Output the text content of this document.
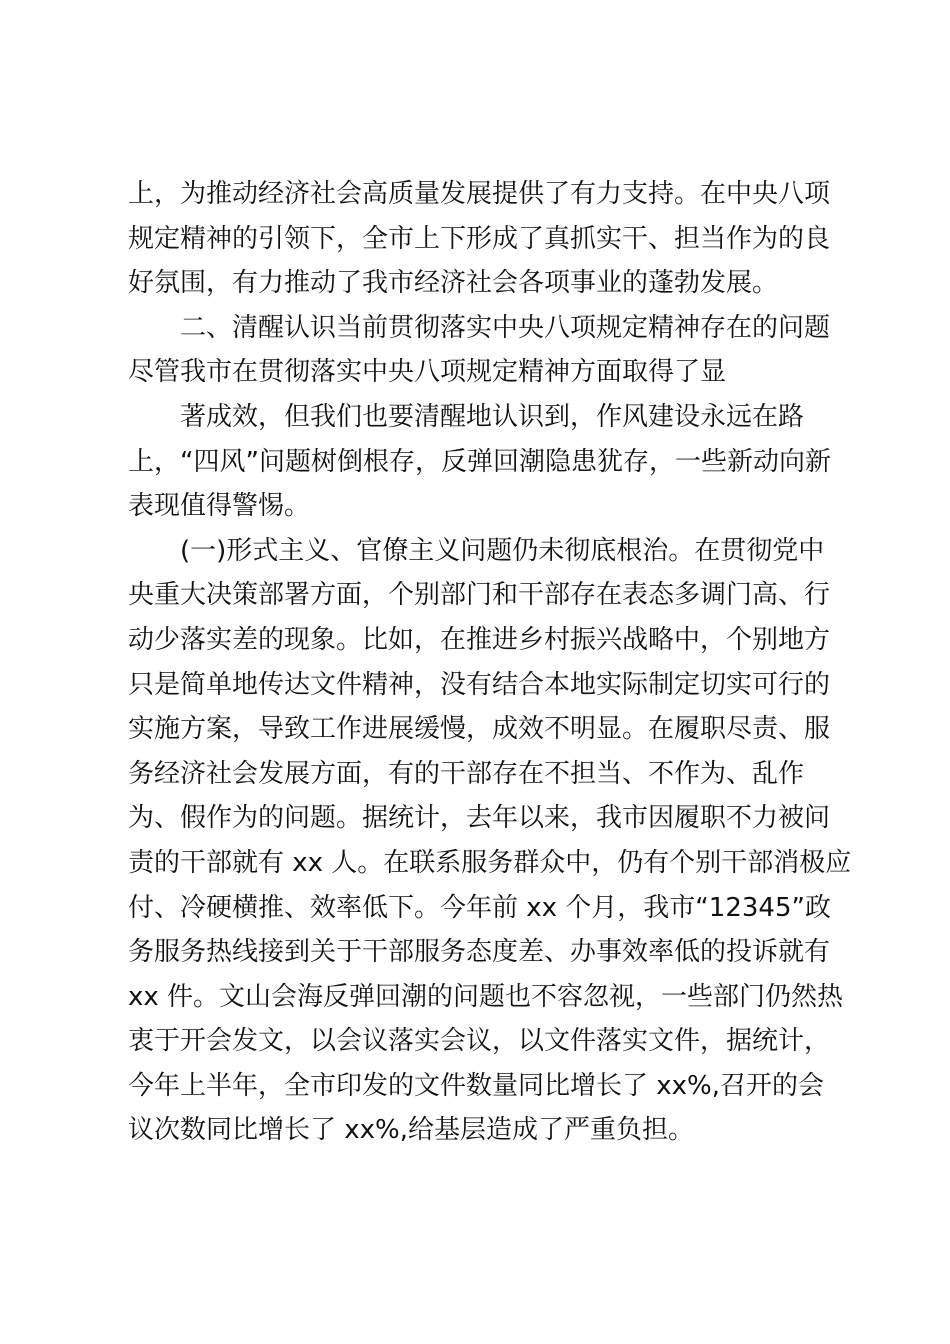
上，为推动经济社会高质量发展提供了有力支持。在中央八项
规定精神的引领下，全市上下形成了真抓实干、担当作为的良
好氛围，有力推动了我市经济社会各项事业的蓬勃发展。
　　二、清醒认识当前贯彻落实中央八项规定精神存在的问题
尽管我市在贯彻落实中央八项规定精神方面取得了显
　　著成效，但我们也要清醒地认识到，作风建设永远在路
上，“四风”问题树倒根存，反弹回潮隐患犹存，一些新动向新
表现值得警惕。
　　(一)形式主义、官僚主义问题仍未彻底根治。在贯彻党中
央重大决策部署方面，个别部门和干部存在表态多调门高、行
动少落实差的现象。比如，在推进乡村振兴战略中，个别地方
只是简单地传达文件精神，没有结合本地实际制定切实可行的
实施方案，导致工作进展缓慢，成效不明显。在履职尽责、服
务经济社会发展方面，有的干部存在不担当、不作为、乱作
为、假作为的问题。据统计，去年以来，我市因履职不力被问
责的干部就有 xx 人。在联系服务群众中，仍有个别干部消极应
付、冷硬横推、效率低下。今年前 xx 个月，我市“12345”政
务服务热线接到关于干部服务态度差、办事效率低的投诉就有
xx 件。文山会海反弹回潮的问题也不容忽视，一些部门仍然热
衷于开会发文，以会议落实会议，以文件落实文件，据统计，
今年上半年，全市印发的文件数量同比增长了 xx%,召开的会
议次数同比增长了 xx%,给基层造成了严重负担。
